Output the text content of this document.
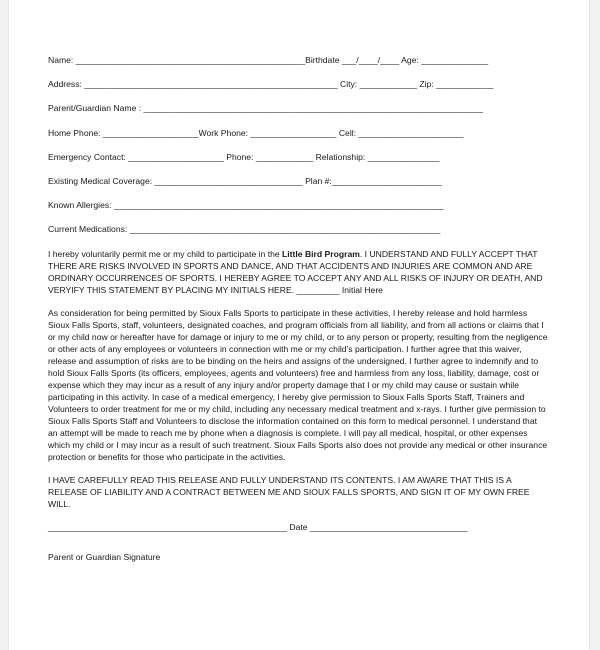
Name: ________________________________________________Birthdate ___/____/____ Age: ______________
Address: _____________________________________________________ City: ____________ Zip: ____________
Parent/Guardian Name : _______________________________________________________________________
Home Phone: ____________________Work Phone: __________________ Cell: ______________________
Emergency Contact: ____________________ Phone: ____________ Relationship: _______________
Existing Medical Coverage: _______________________________ Plan #:_______________________
Known Allergies: _____________________________________________________________________
Current Medications: _________________________________________________________________

I hereby voluntarily permit me or my child to participate in the Little Bird Program. I UNDERSTAND AND FULLY ACCEPT THAT THERE ARE RISKS INVOLVED IN SPORTS AND DANCE, AND THAT ACCIDENTS AND INJURIES ARE COMMON AND ARE ORDINARY OCCURRENCES OF SPORTS. I HEREBY AGREE TO ACCEPT ANY AND ALL RISKS OF INJURY OR DEATH, AND VERYIFY THIS STATEMENT BY PLACING MY INITIALS HERE. _________ Initial Here

As consideration for being permitted by Sioux Falls Sports to participate in these activities, I hereby release and hold harmless Sioux Falls Sports, staff, volunteers, designated coaches, and program officials from all liability, and from all actions or claims that I or my child now or hereafter have for damage or injury to me or my child, or to any person or property, resulting from the negligence or other acts of any employees or volunteers in connection with me or my child’s participation. I further agree that this waiver, release and assumption of risks are to be binding on the heirs and assigns of the undersigned. I further agree to indemnify and to hold Sioux Falls Sports (its officers, employees, agents and volunteers) free and harmless from any loss, liability, damage, cost or expense which they may incur as a result of any injury and/or property damage that I or my child may cause or sustain while participating in this activity. In case of a medical emergency, I hereby give permission to Sioux Falls Sports Staff, Trainers and Volunteers to order treatment for me or my child, including any necessary medical treatment and x-rays. I further give permission to Sioux Falls Sports Staff and Volunteers to disclose the information contained on this form to medical personnel. I understand that an attempt will be made to reach me by phone when a diagnosis is complete. I will pay all medical, hospital, or other expenses which my child or I may incur as a result of such treatment. Sioux Falls Sports also does not provide any medical or other insurance protection or benefits for those who participate in the activities.

I HAVE CAREFULLY READ THIS RELEASE AND FULLY UNDERSTAND ITS CONTENTS. I AM AWARE THAT THIS IS A RELEASE OF LIABILITY AND A CONTRACT BETWEEN ME AND SIOUX FALLS SPORTS, AND SIGN IT OF MY OWN FREE WILL.

__________________________________________________ Date _________________________________
Parent or Guardian Signature
